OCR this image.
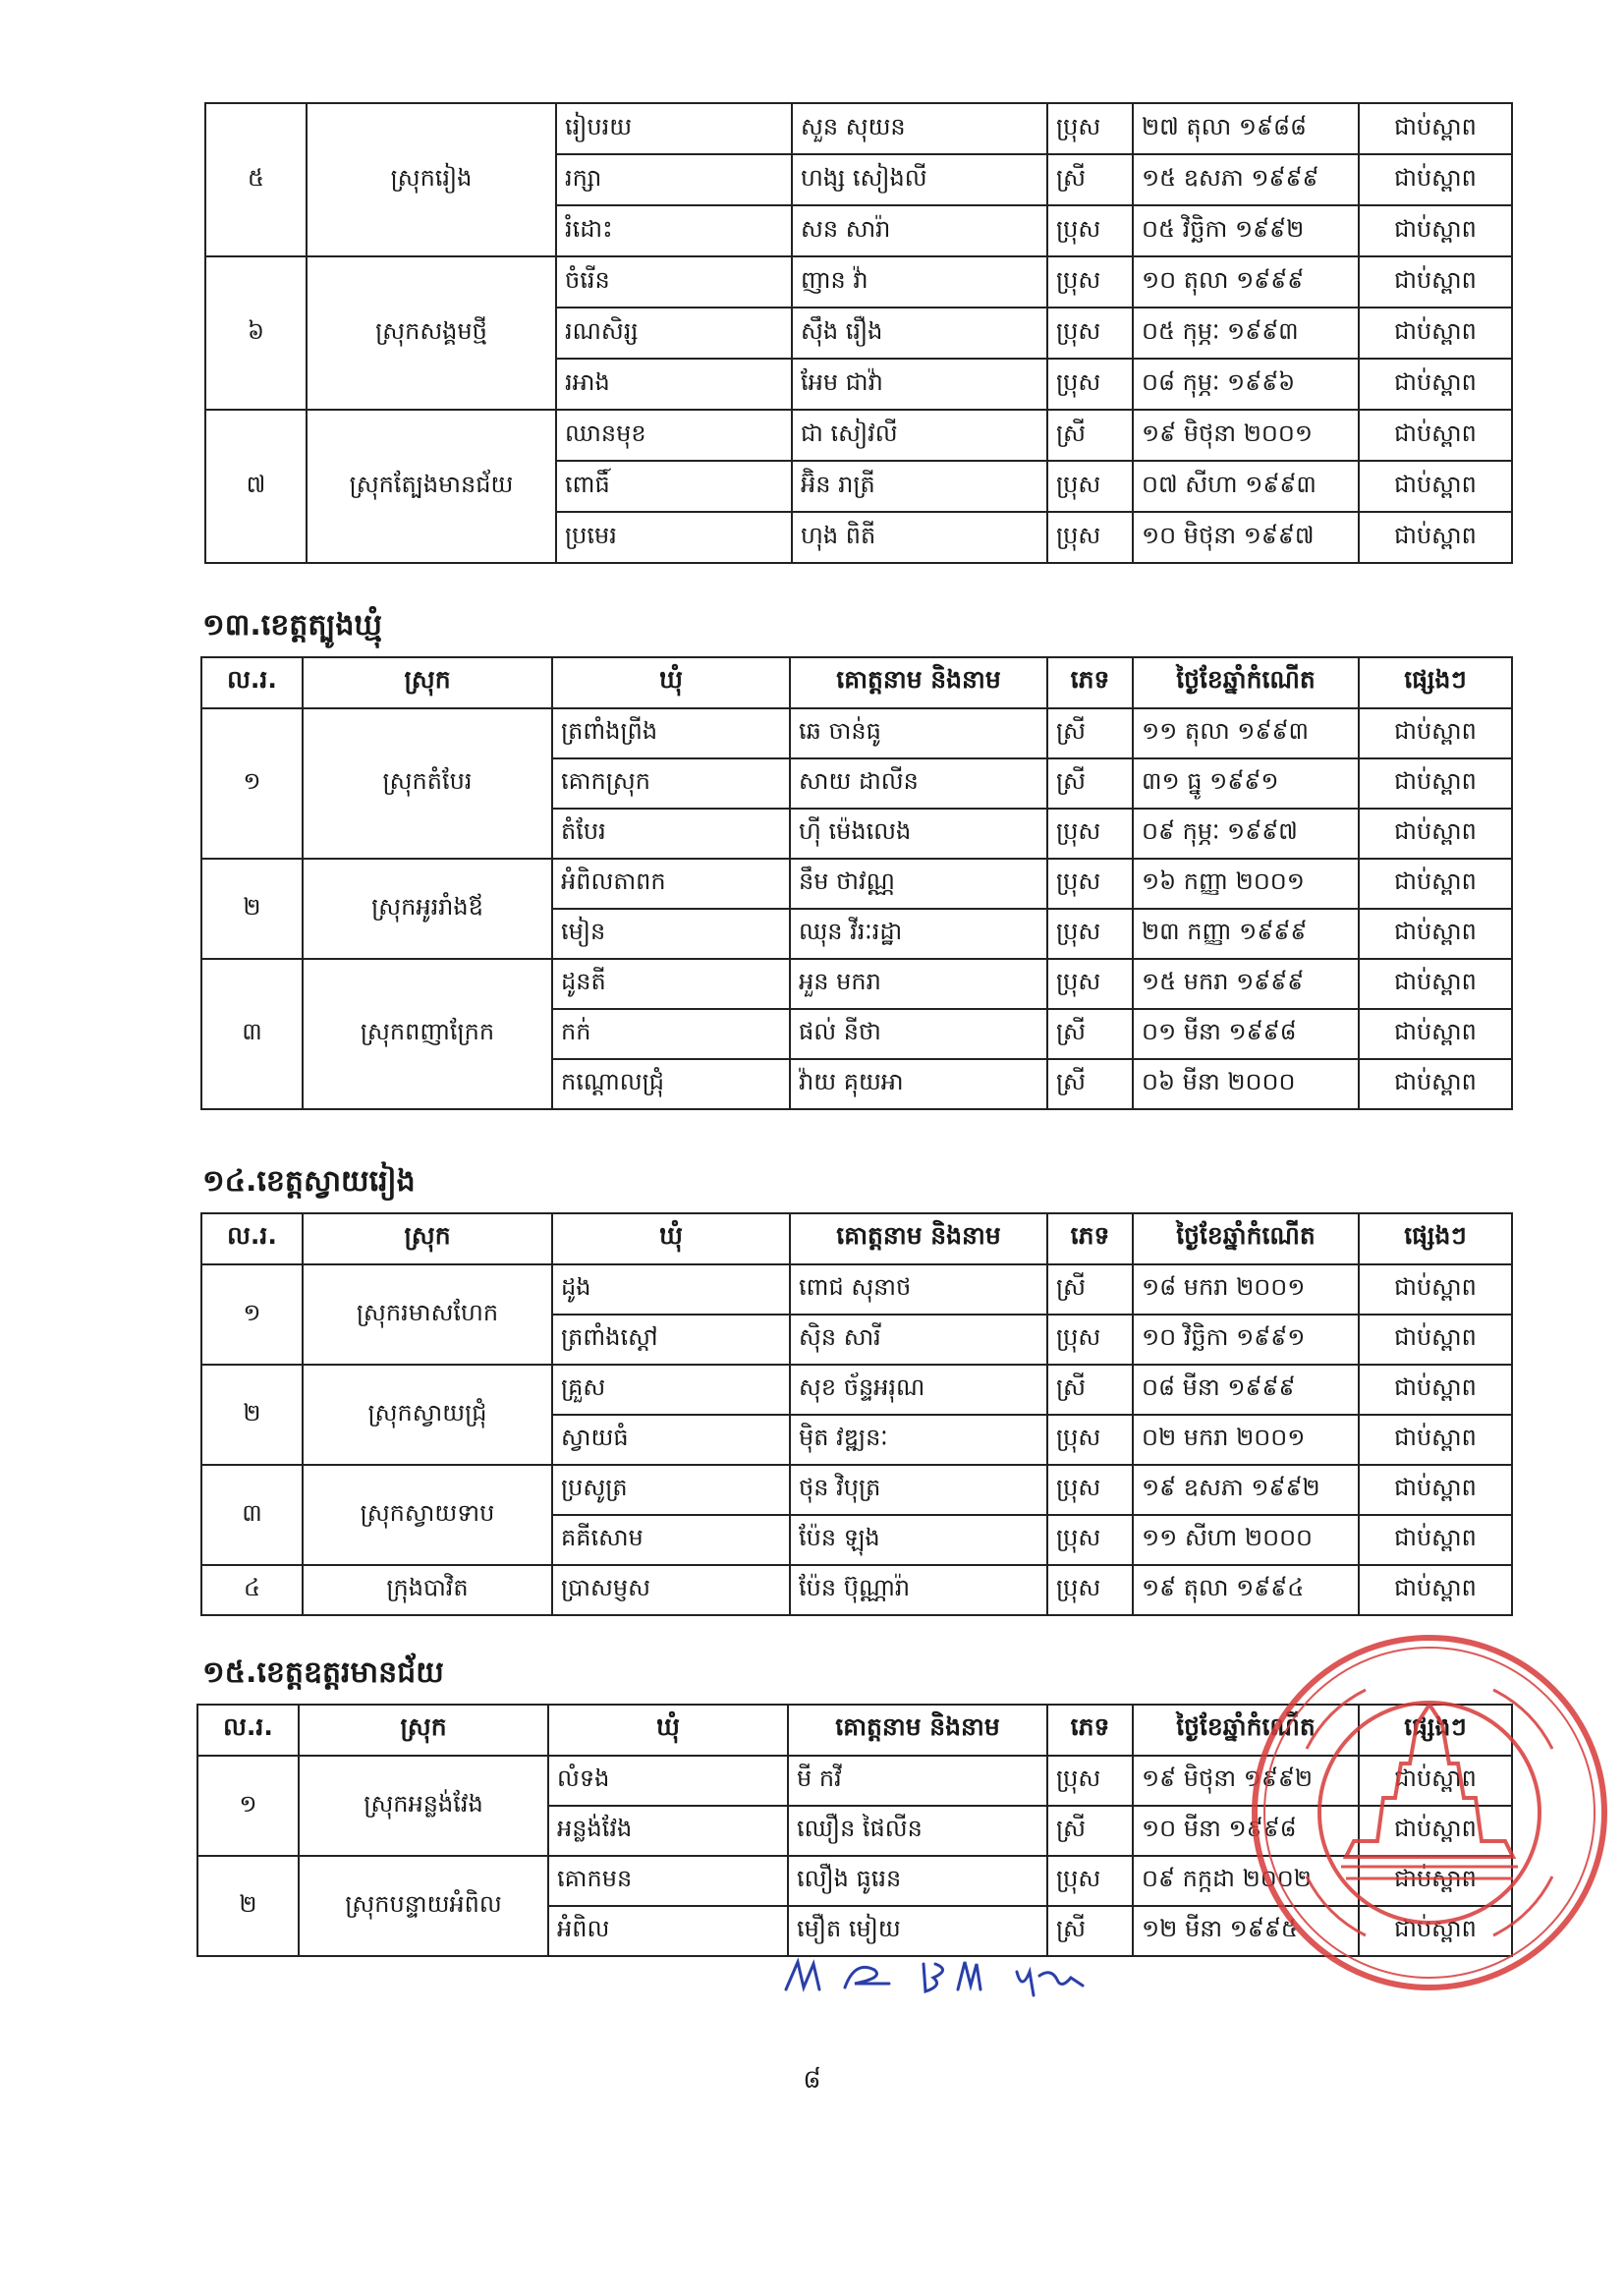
៥	ស្រុករៀង	រៀបរយ	សួន សុយន	ប្រុស	២៧ តុលា ១៩៨៨	ជាប់ស្ពាព
		រក្សា	ហង្ស សៀងលី	ស្រី	១៥ ឧសភា ១៩៩៩	ជាប់ស្ពាព
		រំដោះ	សន សារ៉ា	ប្រុស	០៥ វិច្ឆិកា ១៩៩២	ជាប់ស្ពាព
៦	ស្រុកសង្គមថ្មី	ចំរើន	ញាន វ៉ា	ប្រុស	១០ តុលា ១៩៩៩	ជាប់ស្ពាព
		រណសិរ្ស	ស៊ឹង រឿង	ប្រុស	០៥ កុម្ភៈ ១៩៩៣	ជាប់ស្ពាព
		រអាង	អែម ជាវ៉ា	ប្រុស	០៨ កុម្ភៈ ១៩៩៦	ជាប់ស្ពាព
៧	ស្រុកត្បែងមានជ័យ	ឈានមុខ	ជា សៀវលី	ស្រី	១៩ មិថុនា ២០០១	ជាប់ស្ពាព
		ពោធិ៍	អ៊ិន រាត្រី	ប្រុស	០៧ សីហា ១៩៩៣	ជាប់ស្ពាព
		ប្រមេរ	ហុង ពិតី	ប្រុស	១០ មិថុនា ១៩៩៧	ជាប់ស្ពាព
១៣.ខេត្តត្បូងឃ្មុំ
ល.រ.	ស្រុក	ឃុំ	គោត្តនាម និងនាម	ភេទ	ថ្ងៃខែឆ្នាំកំណើត	ផ្សេងៗ
១	ស្រុកតំបែរ	ត្រពាំងព្រីង	ឆេ ចាន់ធូ	ស្រី	១១ តុលា ១៩៩៣	ជាប់ស្ពាព
		គោកស្រុក	សាយ ដាលីន	ស្រី	៣១ ធ្នូ ១៩៩១	ជាប់ស្ពាព
		តំបែរ	ហ៊ី ម៉េងលេង	ប្រុស	០៩ កុម្ភៈ ១៩៩៧	ជាប់ស្ពាព
២	ស្រុកអូររាំងឪ	អំពិលតាពក	នឹម ថាវណ្ណ	ប្រុស	១៦ កញ្ញា ២០០១	ជាប់ស្ពាព
		មៀន	ឈុន វីរៈរដ្ឋា	ប្រុស	២៣ កញ្ញា ១៩៩៩	ជាប់ស្ពាព
៣	ស្រុកពញាក្រែក	ដូនតី	អួន មករា	ប្រុស	១៥ មករា ១៩៩៩	ជាប់ស្ពាព
		កក់	ផល់ នីថា	ស្រី	០១ មីនា ១៩៩៨	ជាប់ស្ពាព
		កណ្ដោលជ្រុំ	វ៉ាយ គុយអា	ស្រី	០៦ មីនា ២០០០	ជាប់ស្ពាព
១៤.ខេត្តស្វាយរៀង
ល.រ.	ស្រុក	ឃុំ	គោត្តនាម និងនាម	ភេទ	ថ្ងៃខែឆ្នាំកំណើត	ផ្សេងៗ
១	ស្រុករមាសហែក	ដូង	ពោជ សុនាថ	ស្រី	១៨ មករា ២០០១	ជាប់ស្ពាព
		ត្រពាំងស្ដៅ	ស៊ិន សារី	ប្រុស	១០ វិច្ឆិកា ១៩៩១	ជាប់ស្ពាព
២	ស្រុកស្វាយជ្រុំ	គ្រួស	សុខ ច័ន្ទអរុណ	ស្រី	០៨ មីនា ១៩៩៩	ជាប់ស្ពាព
		ស្វាយធំ	ម៉ិត វឌ្ឍនៈ	ប្រុស	០២ មករា ២០០១	ជាប់ស្ពាព
៣	ស្រុកស្វាយទាប	ប្រសូត្រ	ថុន វិបុត្រ	ប្រុស	១៩ ឧសភា ១៩៩២	ជាប់ស្ពាព
		គគីសោម	ប៉ែន ឡុង	ប្រុស	១១ សីហា ២០០០	ជាប់ស្ពាព
៤	ក្រុងបាវិត	ប្រាសម្ញស	ប៉ែន ប៊ុណ្ណារ៉ា	ប្រុស	១៩ តុលា ១៩៩៤	ជាប់ស្ពាព
១៥.ខេត្តឧត្តរមានជ័យ
ល.រ.	ស្រុក	ឃុំ	គោត្តនាម និងនាម	ភេទ	ថ្ងៃខែឆ្នាំកំណើត	ផ្សេងៗ
១	ស្រុកអន្លង់វែង	លំទង	មី កវី	ប្រុស	១៩ មិថុនា ១៩៩២	ជាប់ស្ពាព
		អន្លង់វែង	ឈឿន ផៃលីន	ស្រី	១០ មីនា ១៩៩៨	ជាប់ស្ពាព
២	ស្រុកបន្ទាយអំពិល	គោកមន	លឿង ធូរេន	ប្រុស	០៩ កក្កដា ២០០២	ជាប់ស្ពាព
		អំពិល	មឿត មៀយ	ស្រី	១២ មីនា ១៩៩៥	ជាប់ស្ពាព
៨
